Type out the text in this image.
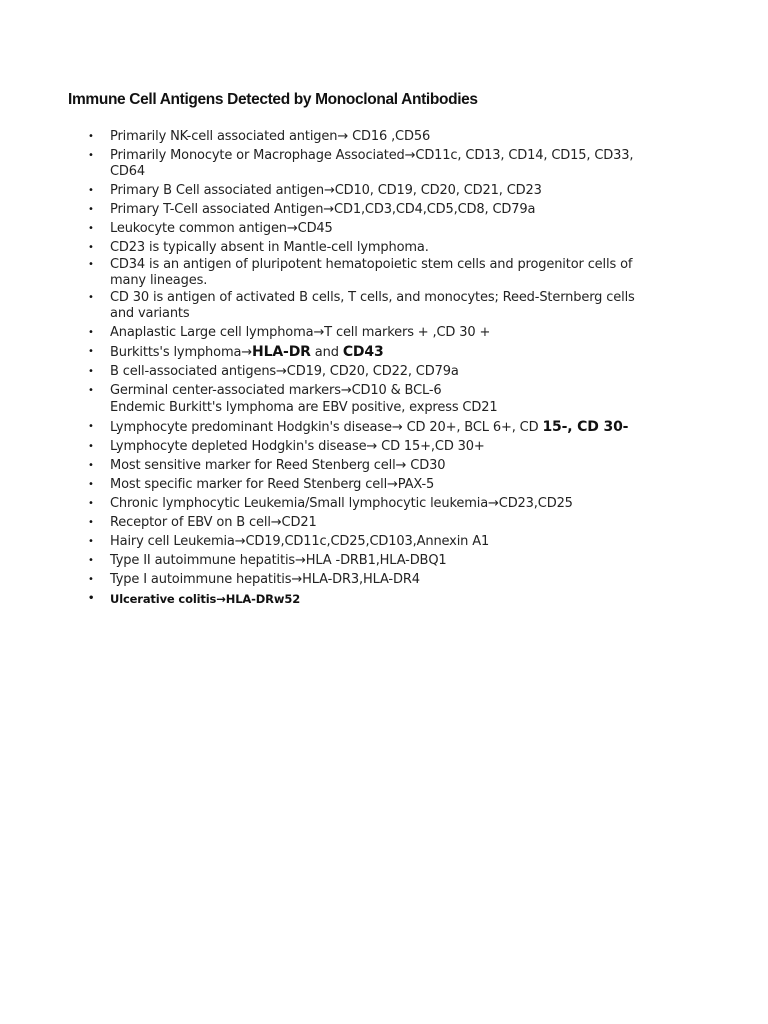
Immune Cell Antigens Detected by Monoclonal Antibodies
• Primarily NK-cell associated antigen→ CD16 ,CD56
• Primarily Monocyte or Macrophage Associated→CD11c, CD13, CD14, CD15, CD33, CD64
• Primary B Cell associated antigen→CD10, CD19, CD20, CD21, CD23
• Primary T-Cell associated Antigen→CD1,CD3,CD4,CD5,CD8, CD79a
• Leukocyte common antigen→CD45
• CD23 is typically absent in Mantle-cell lymphoma.
• CD34 is an antigen of pluripotent hematopoietic stem cells and progenitor cells of many lineages.
• CD 30 is antigen of activated B cells, T cells, and monocytes; Reed-Sternberg cells and variants
• Anaplastic Large cell lymphoma→T cell markers + ,CD 30 +
• Burkitts's lymphoma→HLA-DR and CD43
• B cell-associated antigens→CD19, CD20, CD22, CD79a
• Germinal center-associated markers→CD10 & BCL-6
Endemic Burkitt's lymphoma are EBV positive, express CD21
• Lymphocyte predominant Hodgkin's disease→ CD 20+, BCL 6+, CD 15-, CD 30-
• Lymphocyte depleted Hodgkin's disease→ CD 15+,CD 30+
• Most sensitive marker for Reed Stenberg cell→ CD30
• Most specific marker for Reed Stenberg cell→PAX-5
• Chronic lymphocytic Leukemia/Small lymphocytic leukemia→CD23,CD25
• Receptor of EBV on B cell→CD21
• Hairy cell Leukemia→CD19,CD11c,CD25,CD103,Annexin A1
• Type II autoimmune hepatitis→HLA -DRB1,HLA-DBQ1
• Type I autoimmune hepatitis→HLA-DR3,HLA-DR4
• Ulcerative colitis→HLA-DRw52
